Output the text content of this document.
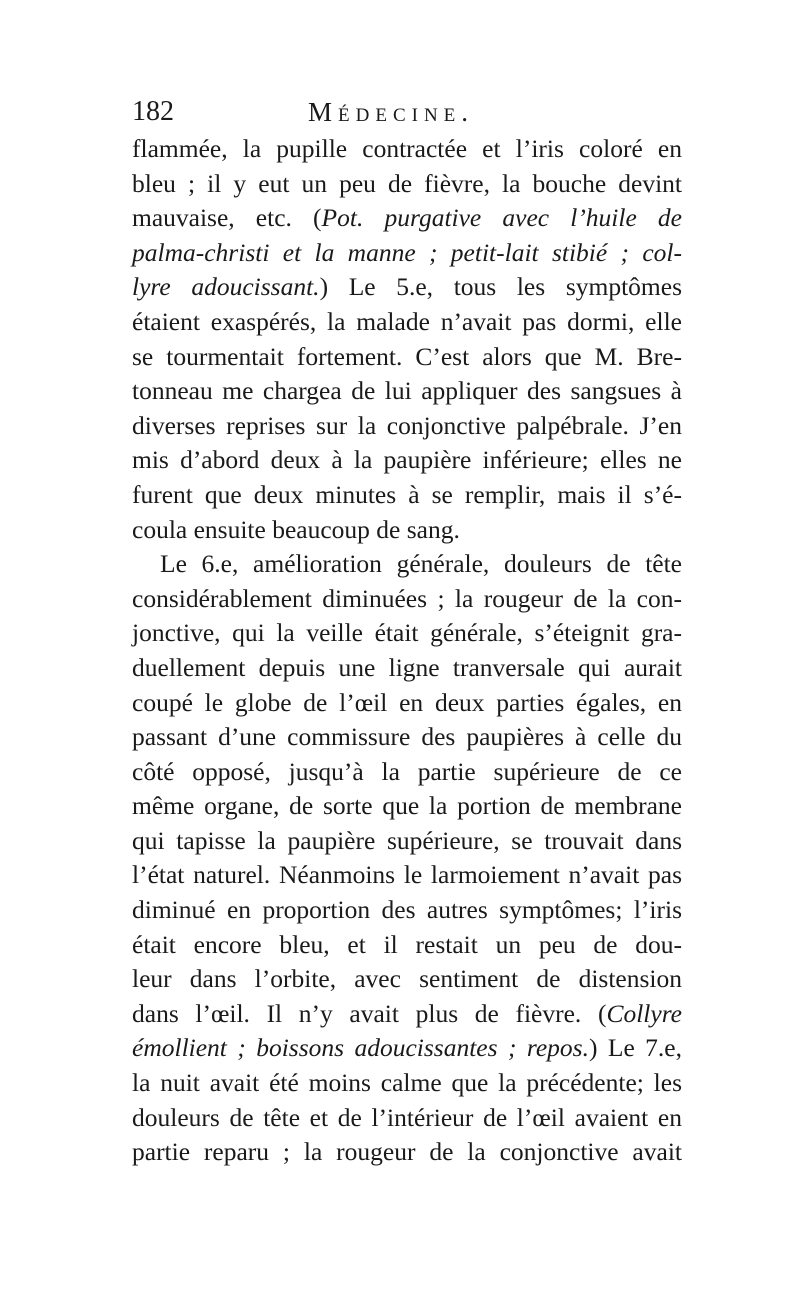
182	Médecine.
flammée, la pupille contractée et l’iris coloré en
bleu ; il y eut un peu de fièvre, la bouche devint
mauvaise, etc. (Pot. purgative avec l’huile de
palma-christi et la manne ; petit-lait stibié ; col-
lyre adoucissant.) Le 5.e, tous les symptômes
étaient exaspérés, la malade n’avait pas dormi, elle
se tourmentait fortement. C’est alors que M. Bre-
tonneau me chargea de lui appliquer des sangsues à
diverses reprises sur la conjonctive palpébrale. J’en
mis d’abord deux à la paupière inférieure; elles ne
furent que deux minutes à se remplir, mais il s’é-
coula ensuite beaucoup de sang.
Le 6.e, amélioration générale, douleurs de tête
considérablement diminuées ; la rougeur de la con-
jonctive, qui la veille était générale, s’éteignit gra-
duellement depuis une ligne tranversale qui aurait
coupé le globe de l’œil en deux parties égales, en
passant d’une commissure des paupières à celle du
côté opposé, jusqu’à la partie supérieure de ce
même organe, de sorte que la portion de membrane
qui tapisse la paupière supérieure, se trouvait dans
l’état naturel. Néanmoins le larmoiement n’avait pas
diminué en proportion des autres symptômes; l’iris
était encore bleu, et il restait un peu de dou-
leur dans l’orbite, avec sentiment de distension
dans l’œil. Il n’y avait plus de fièvre. (Collyre
émollient ; boissons adoucissantes ; repos.) Le 7.e,
la nuit avait été moins calme que la précédente; les
douleurs de tête et de l’intérieur de l’œil avaient en
partie reparu ; la rougeur de la conjonctive avait
